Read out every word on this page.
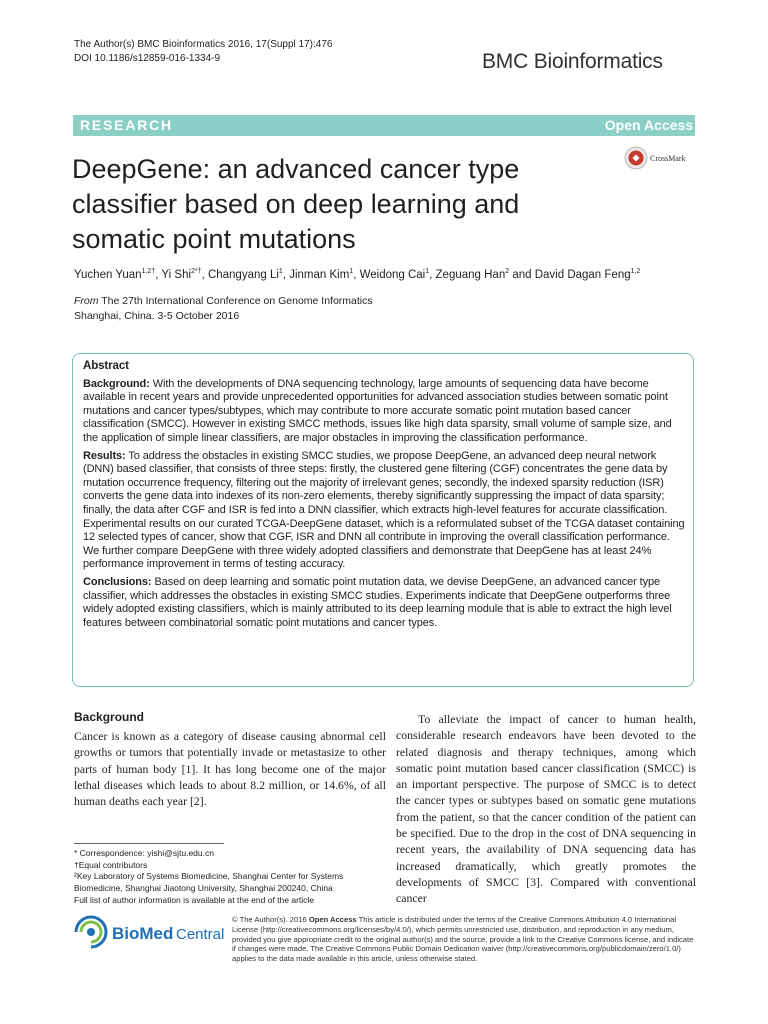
The Author(s) BMC Bioinformatics 2016, 17(Suppl 17):476
DOI 10.1186/s12859-016-1334-9	BMC Bioinformatics
RESEARCH	Open Access
CrossMark
DeepGene: an advanced cancer type classifier based on deep learning and somatic point mutations
Yuchen Yuan$^{1,2\dagger}$, Yi Shi$^{2*\dagger}$, Changyang Li$^1$, Jinman Kim$^1$, Weidong Cai$^1$, Zeguang Han$^2$ and David Dagan Feng$^{1,2}$
From The 27th International Conference on Genome Informatics
Shanghai, China. 3-5 October 2016
Abstract

Background: With the developments of DNA sequencing technology, large amounts of sequencing data have become available in recent years and provide unprecedented opportunities for advanced association studies between somatic point mutations and cancer types/subtypes, which may contribute to more accurate somatic point mutation based cancer classification (SMCC). However in existing SMCC methods, issues like high data sparsity, small volume of sample size, and the application of simple linear classifiers, are major obstacles in improving the classification performance.

Results: To address the obstacles in existing SMCC studies, we propose DeepGene, an advanced deep neural network (DNN) based classifier, that consists of three steps: firstly, the clustered gene filtering (CGF) concentrates the gene data by mutation occurrence frequency, filtering out the majority of irrelevant genes; secondly, the indexed sparsity reduction (ISR) converts the gene data into indexes of its non-zero elements, thereby significantly suppressing the impact of data sparsity; finally, the data after CGF and ISR is fed into a DNN classifier, which extracts high-level features for accurate classification. Experimental results on our curated TCGA-DeepGene dataset, which is a reformulated subset of the TCGA dataset containing 12 selected types of cancer, show that CGF, ISR and DNN all contribute in improving the overall classification performance. We further compare DeepGene with three widely adopted classifiers and demonstrate that DeepGene has at least 24% performance improvement in terms of testing accuracy.

Conclusions: Based on deep learning and somatic point mutation data, we devise DeepGene, an advanced cancer type classifier, which addresses the obstacles in existing SMCC studies. Experiments indicate that DeepGene outperforms three widely adopted existing classifiers, which is mainly attributed to its deep learning module that is able to extract the high level features between combinatorial somatic point mutations and cancer types.

Background
Cancer is known as a category of disease causing abnormal cell growths or tumors that potentially invade or metastasize to other parts of human body [1]. It has long become one of the major lethal diseases which leads to about 8.2 million, or 14.6%, of all human deaths each year [2].
To alleviate the impact of cancer to human health, considerable research endeavors have been devoted to the related diagnosis and therapy techniques, among which somatic point mutation based cancer classification (SMCC) is an important perspective. The purpose of SMCC is to detect the cancer types or subtypes based on somatic gene mutations from the patient, so that the cancer condition of the patient can be specified. Due to the drop in the cost of DNA sequencing in recent years, the availability of DNA sequencing data has increased dramatically, which greatly promotes the developments of SMCC [3]. Compared with conventional cancer
* Correspondence: yishi@sjtu.edu.cn
†Equal contributors
²Key Laboratory of Systems Biomedicine, Shanghai Center for Systems Biomedicine, Shanghai Jiaotong University, Shanghai 200240, China
Full list of author information is available at the end of the article
BioMed Central
© The Author(s). 2016 Open Access This article is distributed under the terms of the Creative Commons Attribution 4.0 International License (http://creativecommons.org/licenses/by/4.0/), which permits unrestricted use, distribution, and reproduction in any medium, provided you give appropriate credit to the original author(s) and the source, provide a link to the Creative Commons license, and indicate if changes were made. The Creative Commons Public Domain Dedication waiver (http://creativecommons.org/publicdomain/zero/1.0/) applies to the data made available in this article, unless otherwise stated.
